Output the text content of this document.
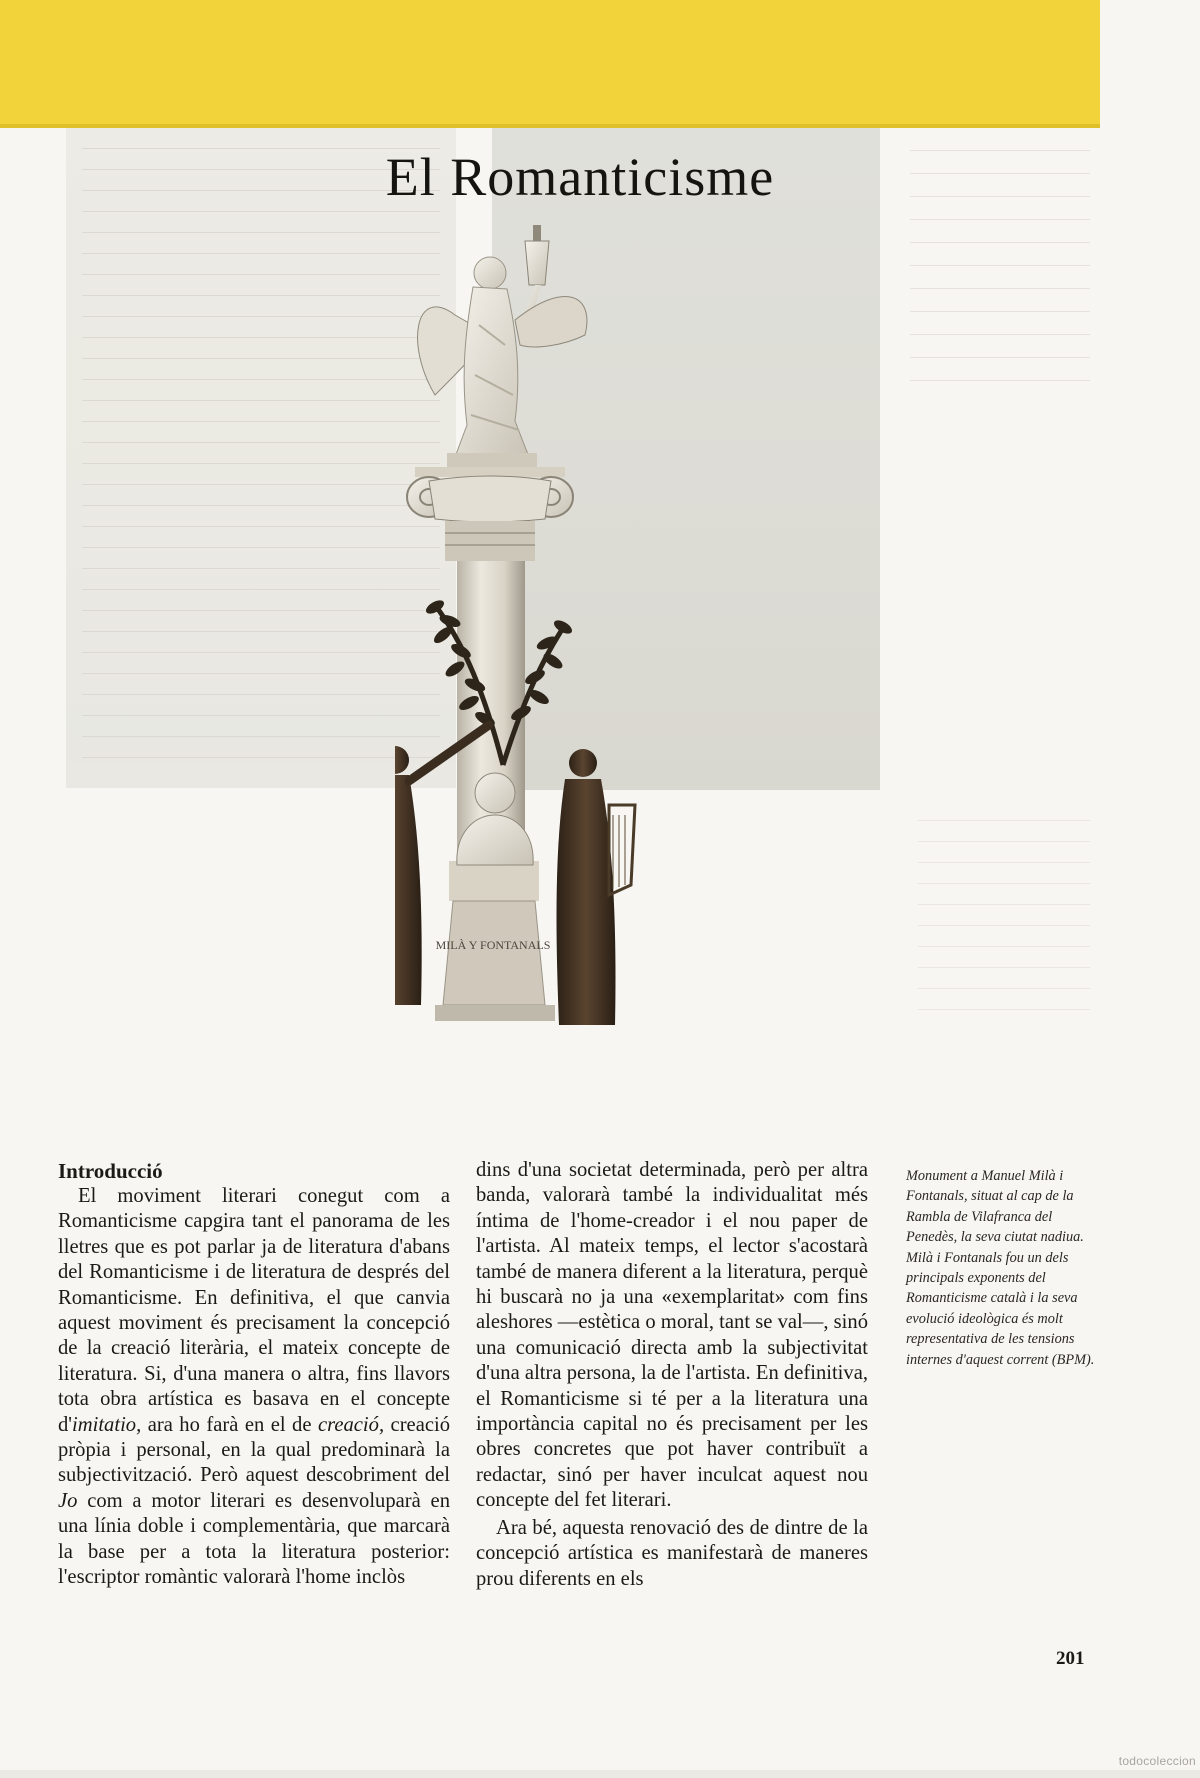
El Romanticisme
MILÀ Y FONTANALS
Introducció

El moviment literari conegut com a Romanticisme capgira tant el panorama de les lletres que es pot parlar ja de literatura d'abans del Romanticisme i de literatura de després del Romanticisme. En definitiva, el que canvia aquest moviment és precisament la concepció de la creació literària, el mateix concepte de literatura. Si, d'una manera o altra, fins llavors tota obra artística es basava en el concepte d'imitatio, ara ho farà en el de creació, creació pròpia i personal, en la qual predominarà la subjectivització. Però aquest descobriment del Jo com a motor literari es desenvoluparà en una línia doble i complementària, que marcarà la base per a tota la literatura posterior: l'escriptor romàntic valorarà l'home inclòs

dins d'una societat determinada, però per altra banda, valorarà també la individualitat més íntima de l'home-creador i el nou paper de l'artista. Al mateix temps, el lector s'acostarà també de manera diferent a la literatura, perquè hi buscarà no ja una «exemplaritat» com fins aleshores —estètica o moral, tant se val—, sinó una comunicació directa amb la subjectivitat d'una altra persona, la de l'artista. En definitiva, el Romanticisme si té per a la literatura una importància capital no és precisament per les obres concretes que pot haver contribuït a redactar, sinó per haver inculcat aquest nou concepte del fet literari.

Ara bé, aquesta renovació des de dintre de la concepció artística es manifestarà de maneres prou diferents en els

Monument a Manuel Milà i Fontanals, situat al cap de la Rambla de Vilafranca del Penedès, la seva ciutat nadiua. Milà i Fontanals fou un dels principals exponents del Romanticisme català i la seva evolució ideològica és molt representativa de les tensions internes d'aquest corrent (BPM).

201
todocoleccion
